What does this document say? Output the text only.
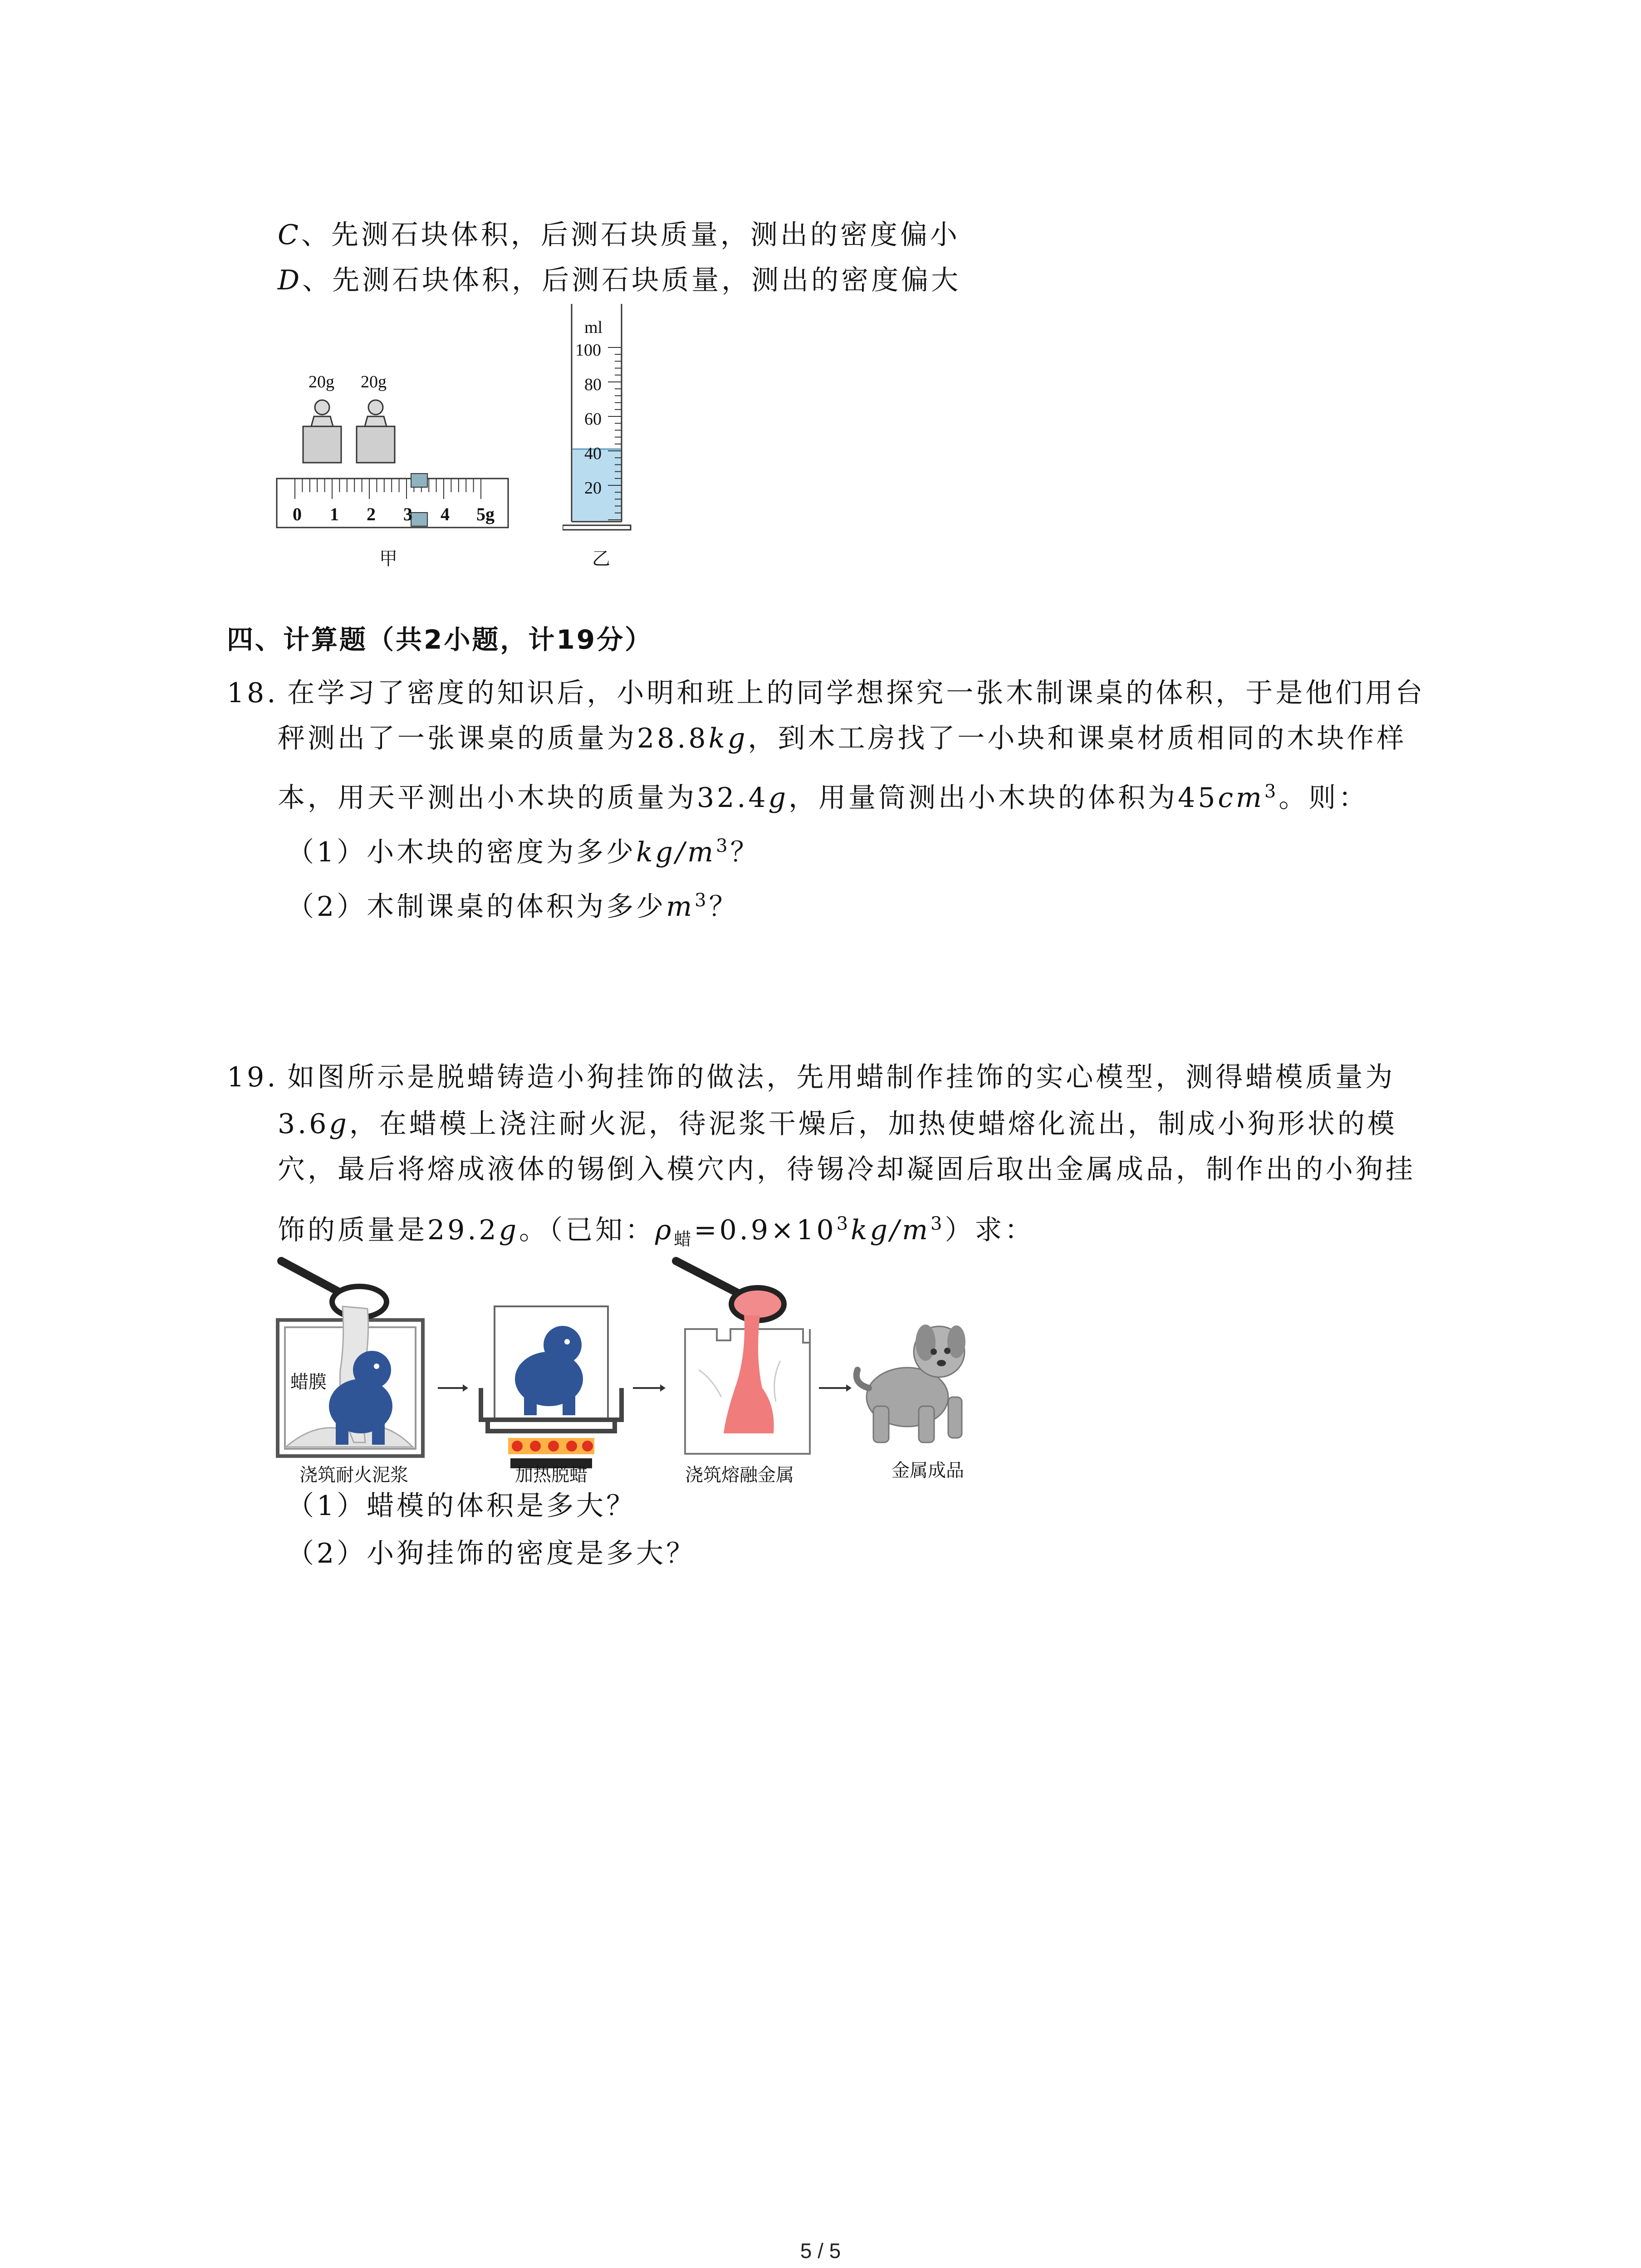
C、先测石块体积，后测石块质量，测出的密度偏小
D、先测石块体积，后测石块质量，测出的密度偏大
20g 20g
0 1 2 3 4 5g
甲
ml
100
80
60
40
20
乙
四、计算题（共2小题，计19分）
18. 在学习了密度的知识后，小明和班上的同学想探究一张木制课桌的体积，于是他们用台
秤测出了一张课桌的质量为28.8kg，到木工房找了一小块和课桌材质相同的木块作样
本，用天平测出小木块的质量为32.4g，用量筒测出小木块的体积为$45cm^3$。则：
（1）小木块的密度为多少$kg/m^3$？
（2）木制课桌的体积为多少$m^3$？
19. 如图所示是脱蜡铸造小狗挂饰的做法，先用蜡制作挂饰的实心模型，测得蜡模质量为
3.6g，在蜡模上浇注耐火泥，待泥浆干燥后，加热使蜡熔化流出，制成小狗形状的模
穴，最后将熔成液体的锡倒入模穴内，待锡冷却凝固后取出金属成品，制作出的小狗挂
饰的质量是29.2g。（已知：$\rho_蜡=0.9\times 10^3kg/m^3$）求：
蜡膜
浇筑耐火泥浆	加热脱蜡	浇筑熔融金属	金属成品
（1）蜡模的体积是多大？
（2）小狗挂饰的密度是多大？
5 / 5
